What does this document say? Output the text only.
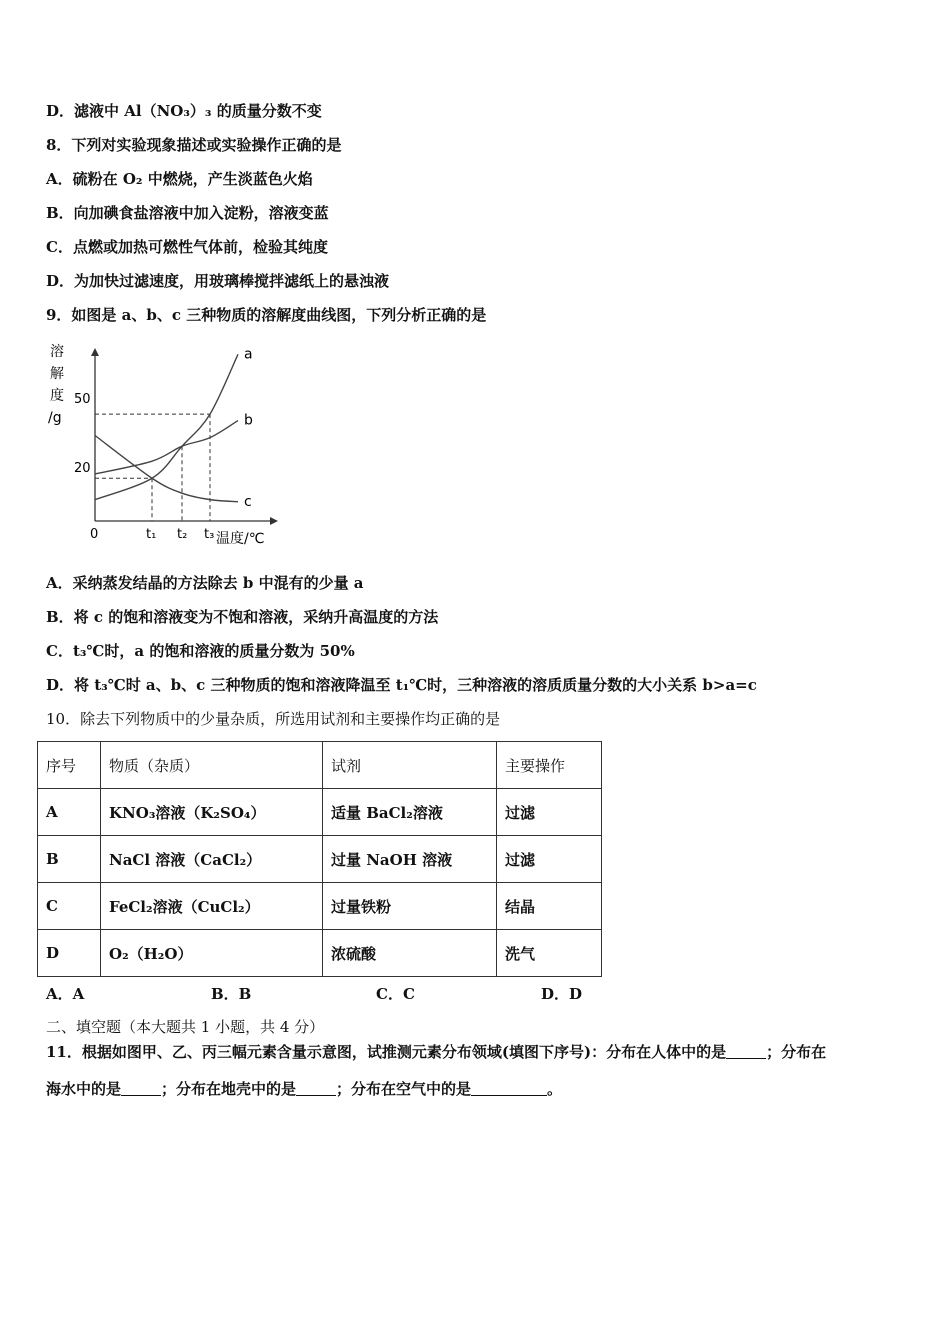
D．滤液中 Al（NO₃）₃ 的质量分数不变
8．下列对实验现象描述或实验操作正确的是
A．硫粉在 O₂ 中燃烧，产生淡蓝色火焰
B．向加碘食盐溶液中加入淀粉，溶液变蓝
C．点燃或加热可燃性气体前，检验其纯度
D．为加快过滤速度，用玻璃棒搅拌滤纸上的悬浊液
9．如图是 a、b、c 三种物质的溶解度曲线图，下列分析正确的是
溶
解
度
/g
0
50
20
t₁ t₂ t₃ 温度/℃
a
b
c
A．采纳蒸发结晶的方法除去 b 中混有的少量 a
B．将 c 的饱和溶液变为不饱和溶液，采纳升高温度的方法
C．t₃℃时，a 的饱和溶液的质量分数为 50%
D．将 t₃℃时 a、b、c 三种物质的饱和溶液降温至 t₁℃时，三种溶液的溶质质量分数的大小关系 b>a=c
10．除去下列物质中的少量杂质，所选用试剂和主要操作均正确的是
序号	物质（杂质）	试剂	主要操作
A	KNO₃溶液（K₂SO₄）	适量 BaCl₂溶液	过滤
B	NaCl 溶液（CaCl₂）	过量 NaOH 溶液	过滤
C	FeCl₂溶液（CuCl₂）	过量铁粉	结晶
D	O₂（H₂O）	浓硫酸	洗气
A．A	B．B	C．C	D．D
二、填空题（本大题共 1 小题，共 4 分）
11．根据如图甲、乙、丙三幅元素含量示意图，试推测元素分布领域(填图下序号)：分布在人体中的是	；分布在
海水中的是	；分布在地壳中的是	；分布在空气中的是	。
